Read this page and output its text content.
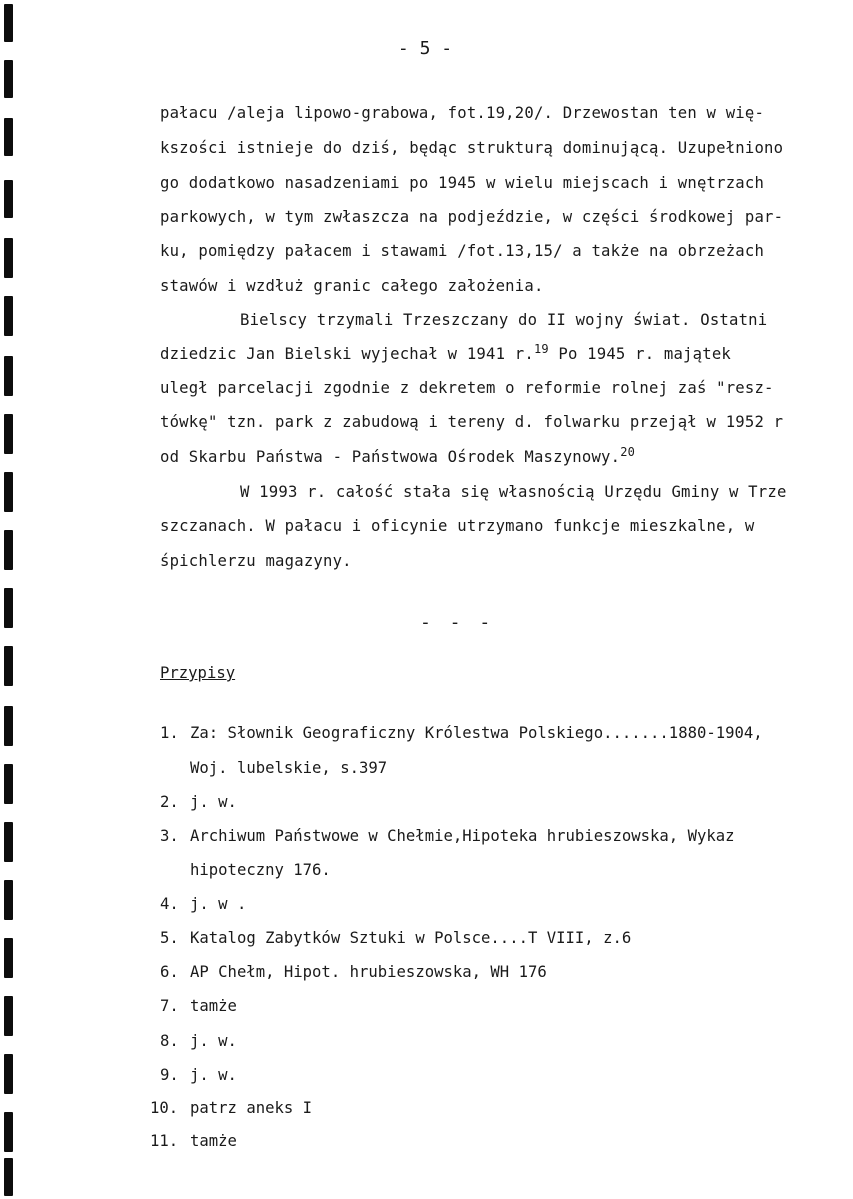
- 5 -
pałacu /aleja lipowo-grabowa, fot.19,20/. Drzewostan ten w wię-
kszości istnieje do dziś, będąc strukturą dominującą. Uzupełniono
go dodatkowo nasadzeniami po 1945 w wielu miejscach i wnętrzach
parkowych, w tym zwłaszcza na podjeździe, w części środkowej par-
ku, pomiędzy pałacem i stawami /fot.13,15/ a także na obrzeżach
stawów i wzdłuż granic całego założenia.
Bielscy trzymali Trzeszczany do II wojny świat. Ostatni
dziedzic Jan Bielski wyjechał w 1941 r.$^{19}$ Po 1945 r. majątek
uległ parcelacji zgodnie z dekretem o reformie rolnej zaś "resz-
tówkę" tzn. park z zabudową i tereny d. folwarku przejął w 1952 r
od Skarbu Państwa - Państwowa Ośrodek Maszynowy.$^{20}$
W 1993 r. całość stała się własnością Urzędu Gminy w Trze
szczanach. W pałacu i oficynie utrzymano funkcje mieszkalne, w
śpichlerzu magazyny.
- - -
Przypisy
1. Za: Słownik Geograficzny Królestwa Polskiego.......1880-1904,
Woj. lubelskie, s.397
2. j. w.
3. Archiwum Państwowe w Chełmie,Hipoteka hrubieszowska, Wykaz
hipoteczny 176.
4. j. w .
5. Katalog Zabytków Sztuki w Polsce....T VIII, z.6
6. AP Chełm, Hipot. hrubieszowska, WH 176
7. tamże
8. j. w.
9. j. w.
10. patrz aneks I
11. tamże
